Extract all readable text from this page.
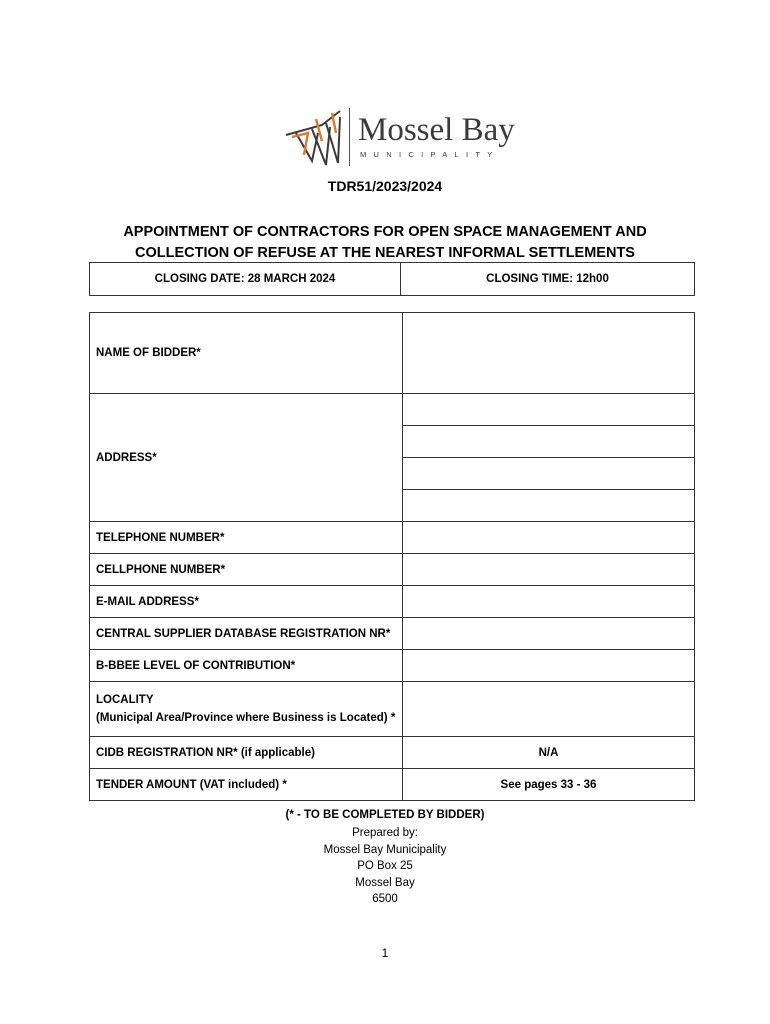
Mossel Bay
MUNICIPALITY
TDR51/2023/2024
APPOINTMENT OF CONTRACTORS FOR OPEN SPACE MANAGEMENT AND
COLLECTION OF REFUSE AT THE NEAREST INFORMAL SETTLEMENTS
CLOSING DATE: 28 MARCH 2024	CLOSING TIME: 12h00
NAME OF BIDDER*	
ADDRESS*	

TELEPHONE NUMBER*	
CELLPHONE NUMBER*	
E-MAIL ADDRESS*	
CENTRAL SUPPLIER DATABASE REGISTRATION NR*	
B-BBEE LEVEL OF CONTRIBUTION*	
LOCALITY
(Municipal Area/Province where Business is Located) *	

CIDB REGISTRATION NR* (if applicable)	N/A
TENDER AMOUNT (VAT included) *	See pages 33 - 36
(* - TO BE COMPLETED BY BIDDER)
Prepared by:
Mossel Bay Municipality
PO Box 25
Mossel Bay
6500
1
